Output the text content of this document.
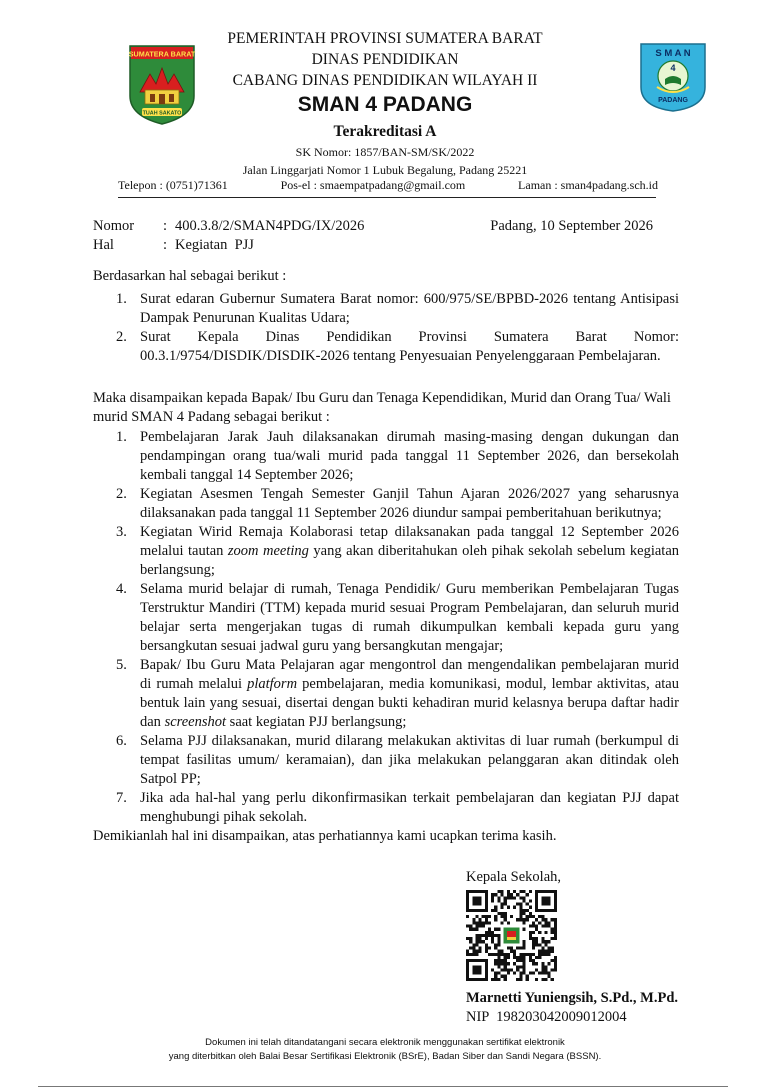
SUMATERA BARAT
TUAH SAKATO
S M A N
4
PADANG
PEMERINTAH PROVINSI SUMATERA BARAT
DINAS PENDIDIKAN
CABANG DINAS PENDIDIKAN WILAYAH II
SMAN 4 PADANG
Terakreditasi A
SK Nomor: 1857/BAN-SM/SK/2022
Jalan Linggarjati Nomor 1 Lubuk Begalung, Padang 25221
Telepon : (0751)71361	Pos-el : smaempatpadang@gmail.com	Laman : sman4padang.sch.id
Nomor	: 400.3.8/2/SMAN4PDG/IX/2026	Padang, 10 September 2026
Hal	: Kegiatan  PJJ
Berdasarkan hal sebagai berikut :
1. Surat edaran Gubernur Sumatera Barat nomor: 600/975/SE/BPBD-2026 tentang Antisipasi Dampak Penurunan Kualitas Udara;
2. Surat Kepala Dinas Pendidikan Provinsi Sumatera Barat Nomor: 00.3.1/9754/DISDIK/DISDIK-2026 tentang Penyesuaian Penyelenggaraan Pembelajaran.
Maka disampaikan kepada Bapak/ Ibu Guru dan Tenaga Kependidikan, Murid dan Orang Tua/ Wali murid SMAN 4 Padang sebagai berikut :
1. Pembelajaran Jarak Jauh dilaksanakan dirumah masing-masing dengan dukungan dan pendampingan orang tua/wali murid pada tanggal 11 September 2026, dan bersekolah kembali tanggal 14 September 2026;
2. Kegiatan Asesmen Tengah Semester Ganjil Tahun Ajaran 2026/2027 yang seharusnya dilaksanakan pada tanggal 11 September 2026 diundur sampai pemberitahuan berikutnya;
3. Kegiatan Wirid Remaja Kolaborasi tetap dilaksanakan pada tanggal 12 September 2026 melalui tautan zoom meeting yang akan diberitahukan oleh pihak sekolah sebelum kegiatan berlangsung;
4. Selama murid belajar di rumah, Tenaga Pendidik/ Guru memberikan Pembelajaran Tugas Terstruktur Mandiri (TTM) kepada murid sesuai Program Pembelajaran, dan seluruh murid belajar serta mengerjakan tugas di rumah dikumpulkan kembali kepada guru yang bersangkutan sesuai jadwal guru yang bersangkutan mengajar;
5. Bapak/ Ibu Guru Mata Pelajaran agar mengontrol dan mengendalikan pembelajaran murid di rumah melalui platform pembelajaran, media komunikasi, modul, lembar aktivitas, atau bentuk lain yang sesuai, disertai dengan bukti kehadiran murid kelasnya berupa daftar hadir dan screenshot saat kegiatan PJJ berlangsung;
6. Selama PJJ dilaksanakan, murid dilarang melakukan aktivitas di luar rumah (berkumpul di tempat fasilitas umum/ keramaian), dan jika melakukan pelanggaran akan ditindak oleh Satpol PP;
7. Jika ada hal-hal yang perlu dikonfirmasikan terkait pembelajaran dan kegiatan PJJ dapat menghubungi pihak sekolah.
Demikianlah hal ini disampaikan, atas perhatiannya kami ucapkan terima kasih.
Kepala Sekolah,
Marnetti Yuniengsih, S.Pd., M.Pd.
NIP  198203042009012004
Dokumen ini telah ditandatangani secara elektronik menggunakan sertifikat elektronik
yang diterbitkan oleh Balai Besar Sertifikasi Elektronik (BSrE), Badan Siber dan Sandi Negara (BSSN).
